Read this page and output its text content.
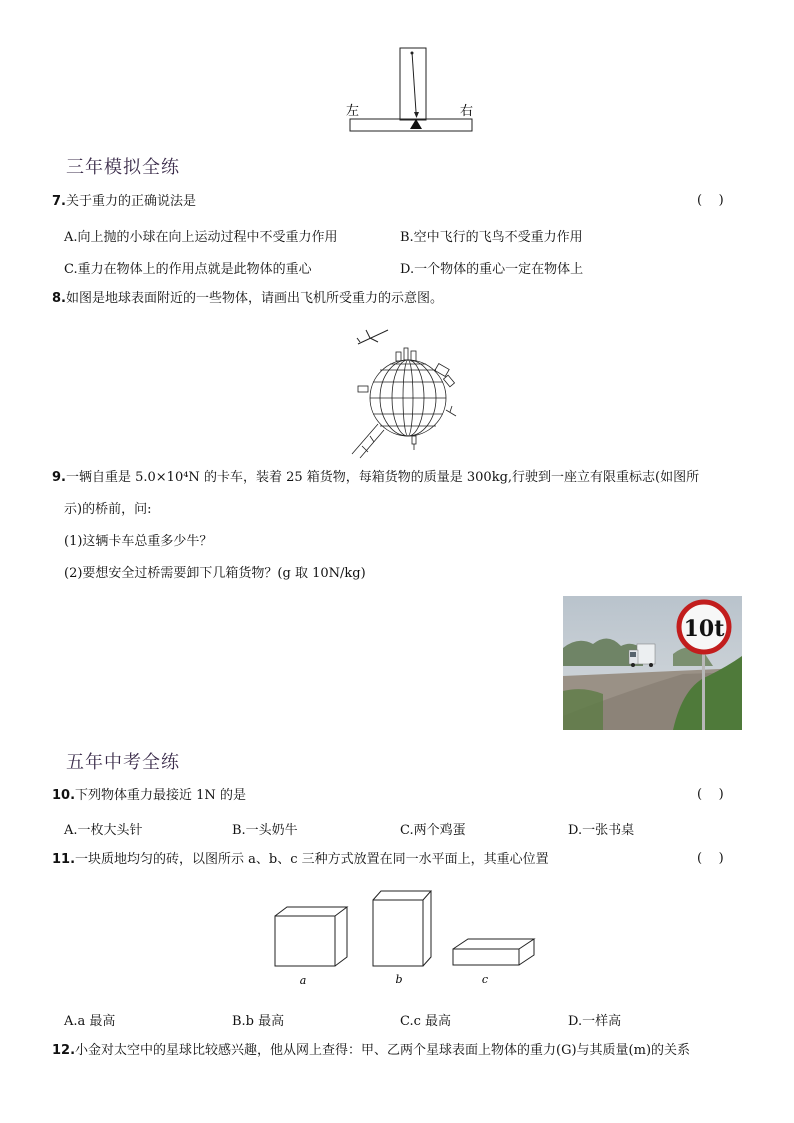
左	右
三年模拟全练
7.关于重力的正确说法是	(    )
A.向上抛的小球在向上运动过程中不受重力作用	B.空中飞行的飞鸟不受重力作用
C.重力在物体上的作用点就是此物体的重心	D.一个物体的重心一定在物体上
8.如图是地球表面附近的一些物体，请画出飞机所受重力的示意图。
9.一辆自重是 5.0×10⁴N 的卡车，装着 25 箱货物，每箱货物的质量是 300kg,行驶到一座立有限重标志(如图所
示)的桥前，问:
(1)这辆卡车总重多少牛？
(2)要想安全过桥需要卸下几箱货物？(g 取 10N/kg)
10t
五年中考全练
10.下列物体重力最接近 1N 的是	(    )
A.一枚大头针	B.一头奶牛	C.两个鸡蛋	D.一张书桌
11.一块质地均匀的砖，以图所示 a、b、c 三种方式放置在同一水平面上，其重心位置	(    )
a	b	c
A.a 最高	B.b 最高	C.c 最高	D.一样高
12.小金对太空中的星球比较感兴趣，他从网上查得：甲、乙两个星球表面上物体的重力(G)与其质量(m)的关系
